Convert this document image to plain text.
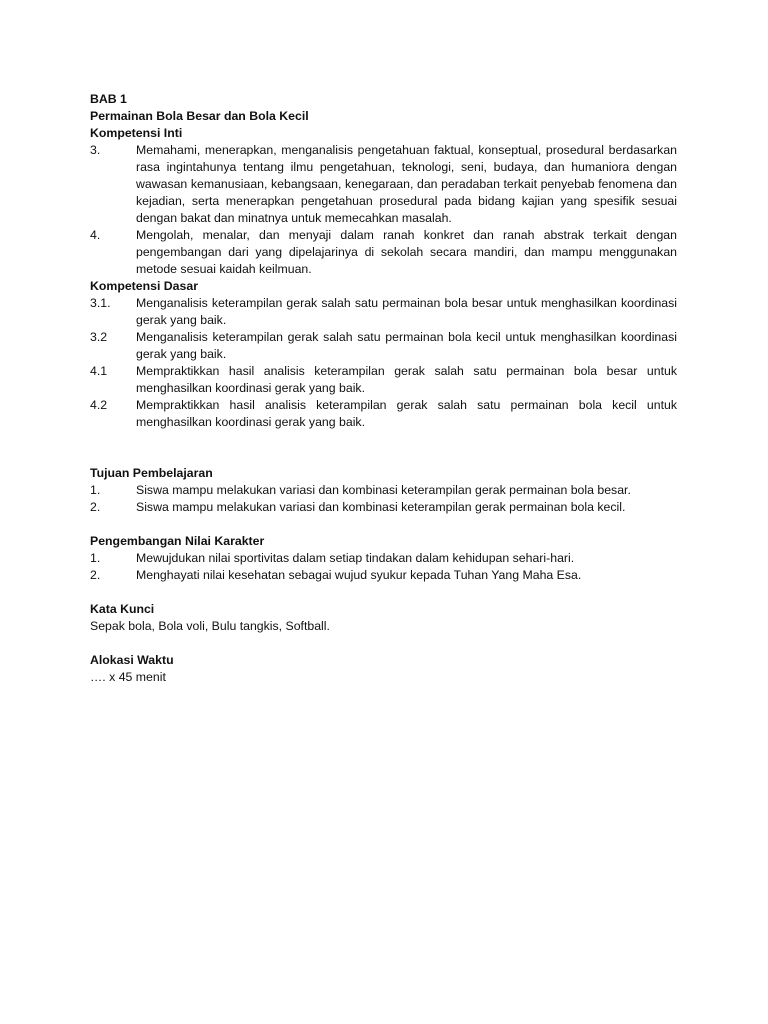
BAB 1
Permainan Bola Besar dan Bola Kecil
Kompetensi Inti
3.	Memahami, menerapkan, menganalisis pengetahuan faktual, konseptual, prosedural berdasarkan rasa ingintahunya tentang ilmu pengetahuan, teknologi, seni, budaya, dan humaniora dengan wawasan kemanusiaan, kebangsaan, kenegaraan, dan peradaban terkait penyebab fenomena dan kejadian, serta menerapkan pengetahuan prosedural pada bidang kajian yang spesifik sesuai dengan bakat dan minatnya untuk memecahkan masalah.
4.	Mengolah, menalar, dan menyaji dalam ranah konkret dan ranah abstrak terkait dengan pengembangan dari yang dipelajarinya di sekolah secara mandiri, dan mampu menggunakan metode sesuai kaidah keilmuan.
Kompetensi Dasar
3.1.	Menganalisis keterampilan gerak salah satu permainan bola besar untuk menghasilkan koordinasi gerak yang baik.
3.2	Menganalisis keterampilan gerak salah satu permainan bola kecil untuk menghasilkan koordinasi gerak yang baik.
4.1	Mempraktikkan hasil analisis keterampilan gerak salah satu permainan bola besar untuk menghasilkan koordinasi gerak yang baik.
4.2	Mempraktikkan hasil analisis keterampilan gerak salah satu permainan bola kecil untuk menghasilkan koordinasi gerak yang baik.
Tujuan Pembelajaran
1.	Siswa mampu melakukan variasi dan kombinasi keterampilan gerak permainan bola besar.
2.	Siswa mampu melakukan variasi dan kombinasi keterampilan gerak permainan bola kecil.
Pengembangan Nilai Karakter
1.	Mewujdukan nilai sportivitas dalam setiap tindakan dalam kehidupan sehari-hari.
2.	Menghayati nilai kesehatan sebagai wujud syukur kepada Tuhan Yang Maha Esa.
Kata Kunci
Sepak bola, Bola voli, Bulu tangkis, Softball.
Alokasi Waktu
…. x 45 menit
